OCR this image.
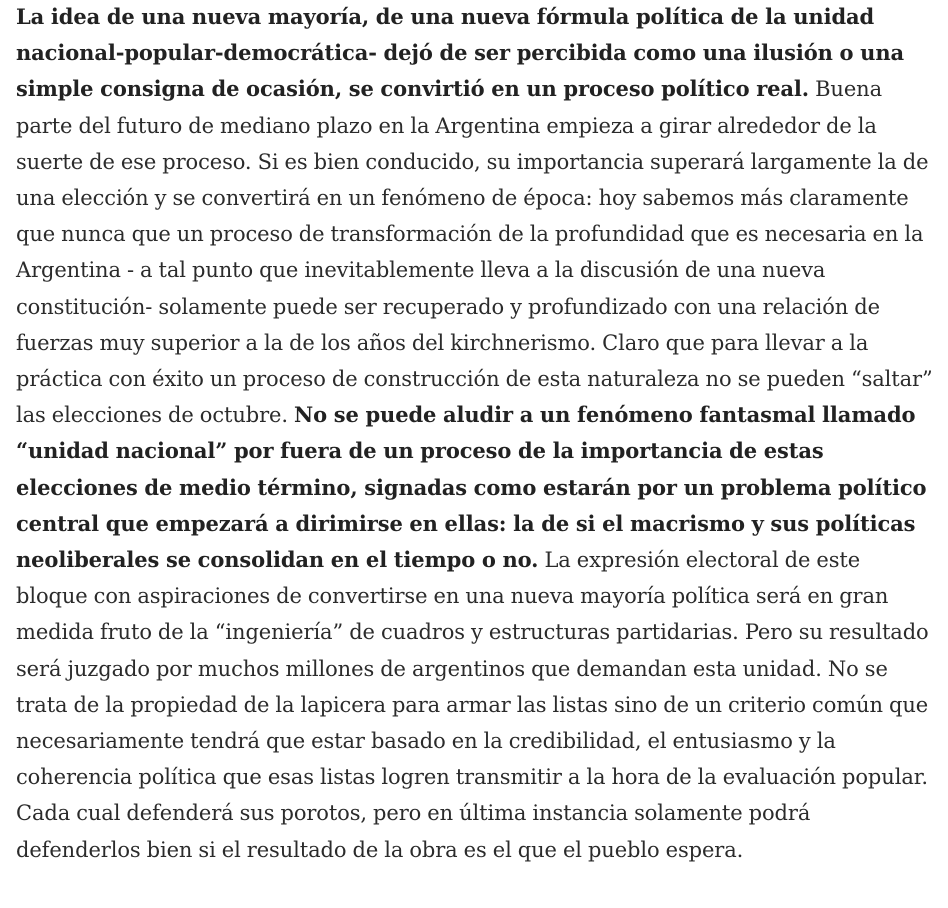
La idea de una nueva mayoría, de una nueva fórmula política de la unidad nacional-popular-democrática- dejó de ser percibida como una ilusión o una simple consigna de ocasión, se convirtió en un proceso político real. Buena parte del futuro de mediano plazo en la Argentina empieza a girar alrededor de la suerte de ese proceso. Si es bien conducido, su importancia superará largamente la de una elección y se convertirá en un fenómeno de época: hoy sabemos más claramente que nunca que un proceso de transformación de la profundidad que es necesaria en la Argentina - a tal punto que inevitablemente lleva a la discusión de una nueva constitución- solamente puede ser recuperado y profundizado con una relación de fuerzas muy superior a la de los años del kirchnerismo. Claro que para llevar a la práctica con éxito un proceso de construcción de esta naturaleza no se pueden “saltar” las elecciones de octubre. No se puede aludir a un fenómeno fantasmal llamado “unidad nacional” por fuera de un proceso de la importancia de estas elecciones de medio término, signadas como estarán por un problema político central que empezará a dirimirse en ellas: la de si el macrismo y sus políticas neoliberales se consolidan en el tiempo o no. La expresión electoral de este bloque con aspiraciones de convertirse en una nueva mayoría política será en gran medida fruto de la “ingeniería” de cuadros y estructuras partidarias. Pero su resultado será juzgado por muchos millones de argentinos que demandan esta unidad. No se trata de la propiedad de la lapicera para armar las listas sino de un criterio común que necesariamente tendrá que estar basado en la credibilidad, el entusiasmo y la coherencia política que esas listas logren transmitir a la hora de la evaluación popular. Cada cual defenderá sus porotos, pero en última instancia solamente podrá defenderlos bien si el resultado de la obra es el que el pueblo espera.
